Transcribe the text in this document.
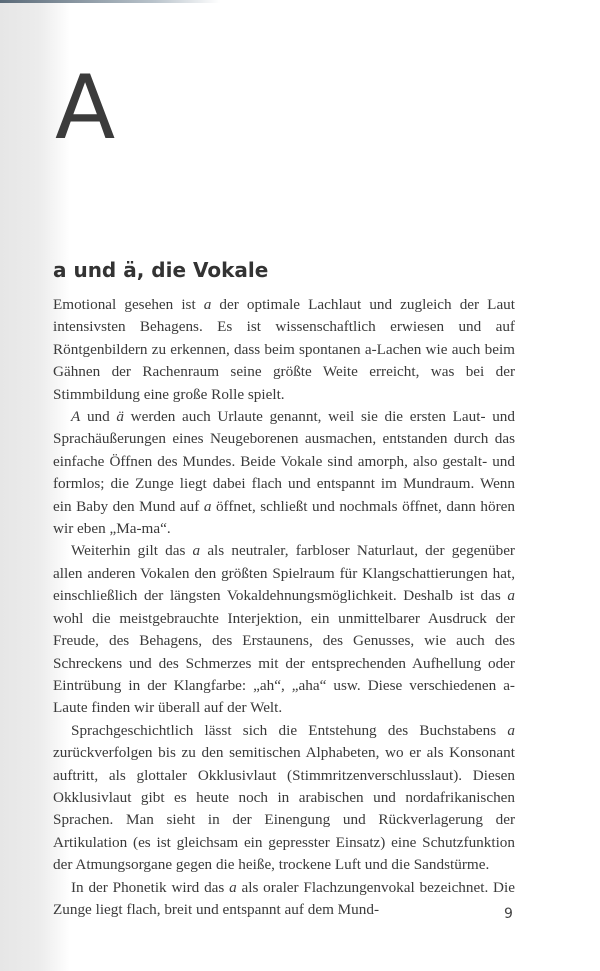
A
a und ä, die Vokale

Emotional gesehen ist a der optimale Lachlaut und zugleich der Laut intensivsten Behagens. Es ist wissenschaftlich erwiesen und auf Röntgenbildern zu erkennen, dass beim spontanen a-Lachen wie auch beim Gähnen der Rachenraum seine größte Weite erreicht, was bei der Stimmbildung eine große Rolle spielt.

A und ä werden auch Urlaute genannt, weil sie die ersten Laut- und Sprachäußerungen eines Neugeborenen ausmachen, entstanden durch das einfache Öffnen des Mundes. Beide Vokale sind amorph, also gestalt- und formlos; die Zunge liegt dabei flach und entspannt im Mundraum. Wenn ein Baby den Mund auf a öffnet, schließt und nochmals öffnet, dann hören wir eben „Ma-ma“.

Weiterhin gilt das a als neutraler, farbloser Naturlaut, der gegenüber allen anderen Vokalen den größten Spielraum für Klangschattierungen hat, einschließlich der längsten Vokaldehnungsmöglichkeit. Deshalb ist das a wohl die meistgebrauchte Interjektion, ein unmittelbarer Ausdruck der Freude, des Behagens, des Erstaunens, des Genusses, wie auch des Schreckens und des Schmerzes mit der entsprechenden Aufhellung oder Eintrübung in der Klangfarbe: „ah“, „aha“ usw. Diese verschiedenen a-Laute finden wir überall auf der Welt.

Sprachgeschichtlich lässt sich die Entstehung des Buchstabens a zurückverfolgen bis zu den semitischen Alphabeten, wo er als Konsonant auftritt, als glottaler Okklusivlaut (Stimmritzenverschlusslaut). Diesen Okklusivlaut gibt es heute noch in arabischen und nordafrikanischen Sprachen. Man sieht in der Einengung und Rückverlagerung der Artikulation (es ist gleichsam ein gepresster Einsatz) eine Schutzfunktion der Atmungsorgane gegen die heiße, trockene Luft und die Sandstürme.

In der Phonetik wird das a als oraler Flachzungenvokal bezeichnet. Die Zunge liegt flach, breit und entspannt auf dem Mund-	9
